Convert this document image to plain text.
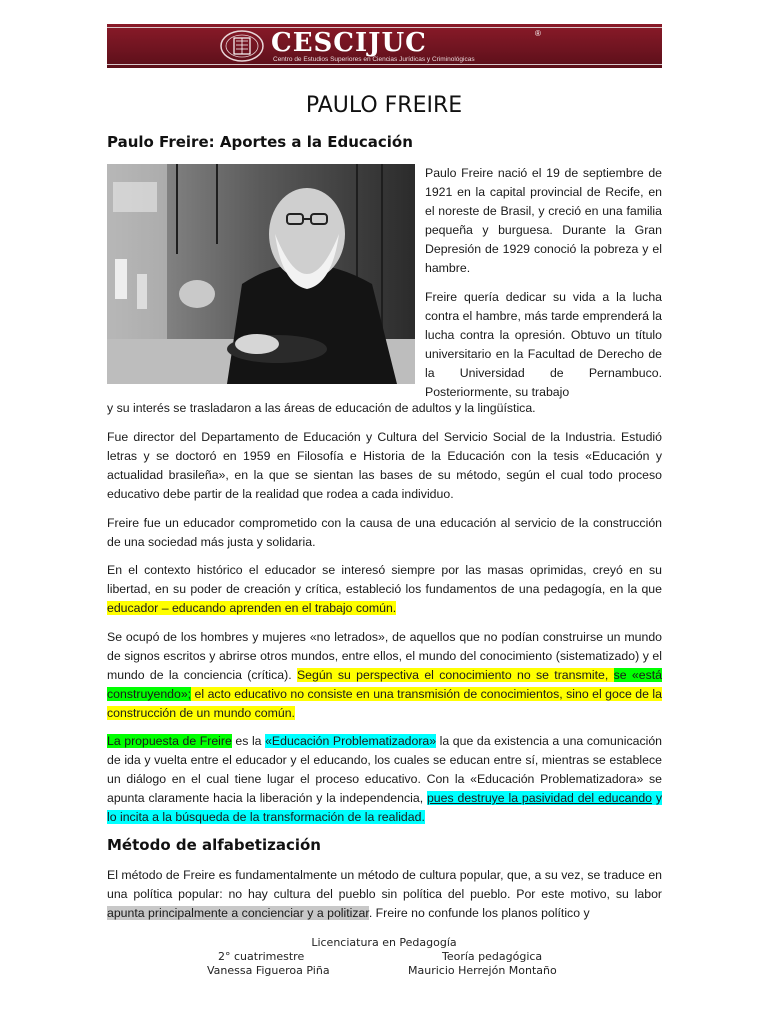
CESCIJUC	®
Centro de Estudios Superiores en Ciencias Jurídicas y Criminológicas
PAULO FREIRE
Paulo Freire: Aportes a la Educación
Paulo Freire nació el 19 de septiembre de 1921 en la capital provincial de Recife, en el noreste de Brasil, y creció en una familia pequeña y burguesa. Durante la Gran Depresión de 1929 conoció la pobreza y el hambre.
Freire quería dedicar su vida a la lucha contra el hambre, más tarde emprenderá la lucha contra la opresión. Obtuvo un título universitario en la Facultad de Derecho de la Universidad de Pernambuco. Posteriormente, su trabajo
y su interés se trasladaron a las áreas de educación de adultos y la lingüística.
Fue director del Departamento de Educación y Cultura del Servicio Social de la Industria. Estudió letras y se doctoró en 1959 en Filosofía e Historia de la Educación con la tesis «Educación y actualidad brasileña», en la que se sientan las bases de su método, según el cual todo proceso educativo debe partir de la realidad que rodea a cada individuo.
Freire fue un educador comprometido con la causa de una educación al servicio de la construcción de una sociedad más justa y solidaria.
En el contexto histórico el educador se interesó siempre por las masas oprimidas, creyó en su libertad, en su poder de creación y crítica, estableció los fundamentos de una pedagogía, en la que educador – educando aprenden en el trabajo común.
Se ocupó de los hombres y mujeres «no letrados», de aquellos que no podían construirse un mundo de signos escritos y abrirse otros mundos, entre ellos, el mundo del conocimiento (sistematizado) y el mundo de la conciencia (crítica). Según su perspectiva el conocimiento no se transmite, se «está construyendo»; el acto educativo no consiste en una transmisión de conocimientos, sino el goce de la construcción de un mundo común.
La propuesta de Freire es la «Educación Problematizadora» la que da existencia a una comunicación de ida y vuelta entre el educador y el educando, los cuales se educan entre sí, mientras se establece un diálogo en el cual tiene lugar el proceso educativo. Con la «Educación Problematizadora» se apunta claramente hacia la liberación y la independencia, pues destruye la pasividad del educando y lo incita a la búsqueda de la transformación de la realidad.
Método de alfabetización
El método de Freire es fundamentalmente un método de cultura popular, que, a su vez, se traduce en una política popular: no hay cultura del pueblo sin política del pueblo. Por este motivo, su labor apunta principalmente a concienciar y a politizar. Freire no confunde los planos político y
Licenciatura en Pedagogía
2° cuatrimestre	Teoría pedagógica
Vanessa Figueroa Piña	Mauricio Herrejón Montaño
